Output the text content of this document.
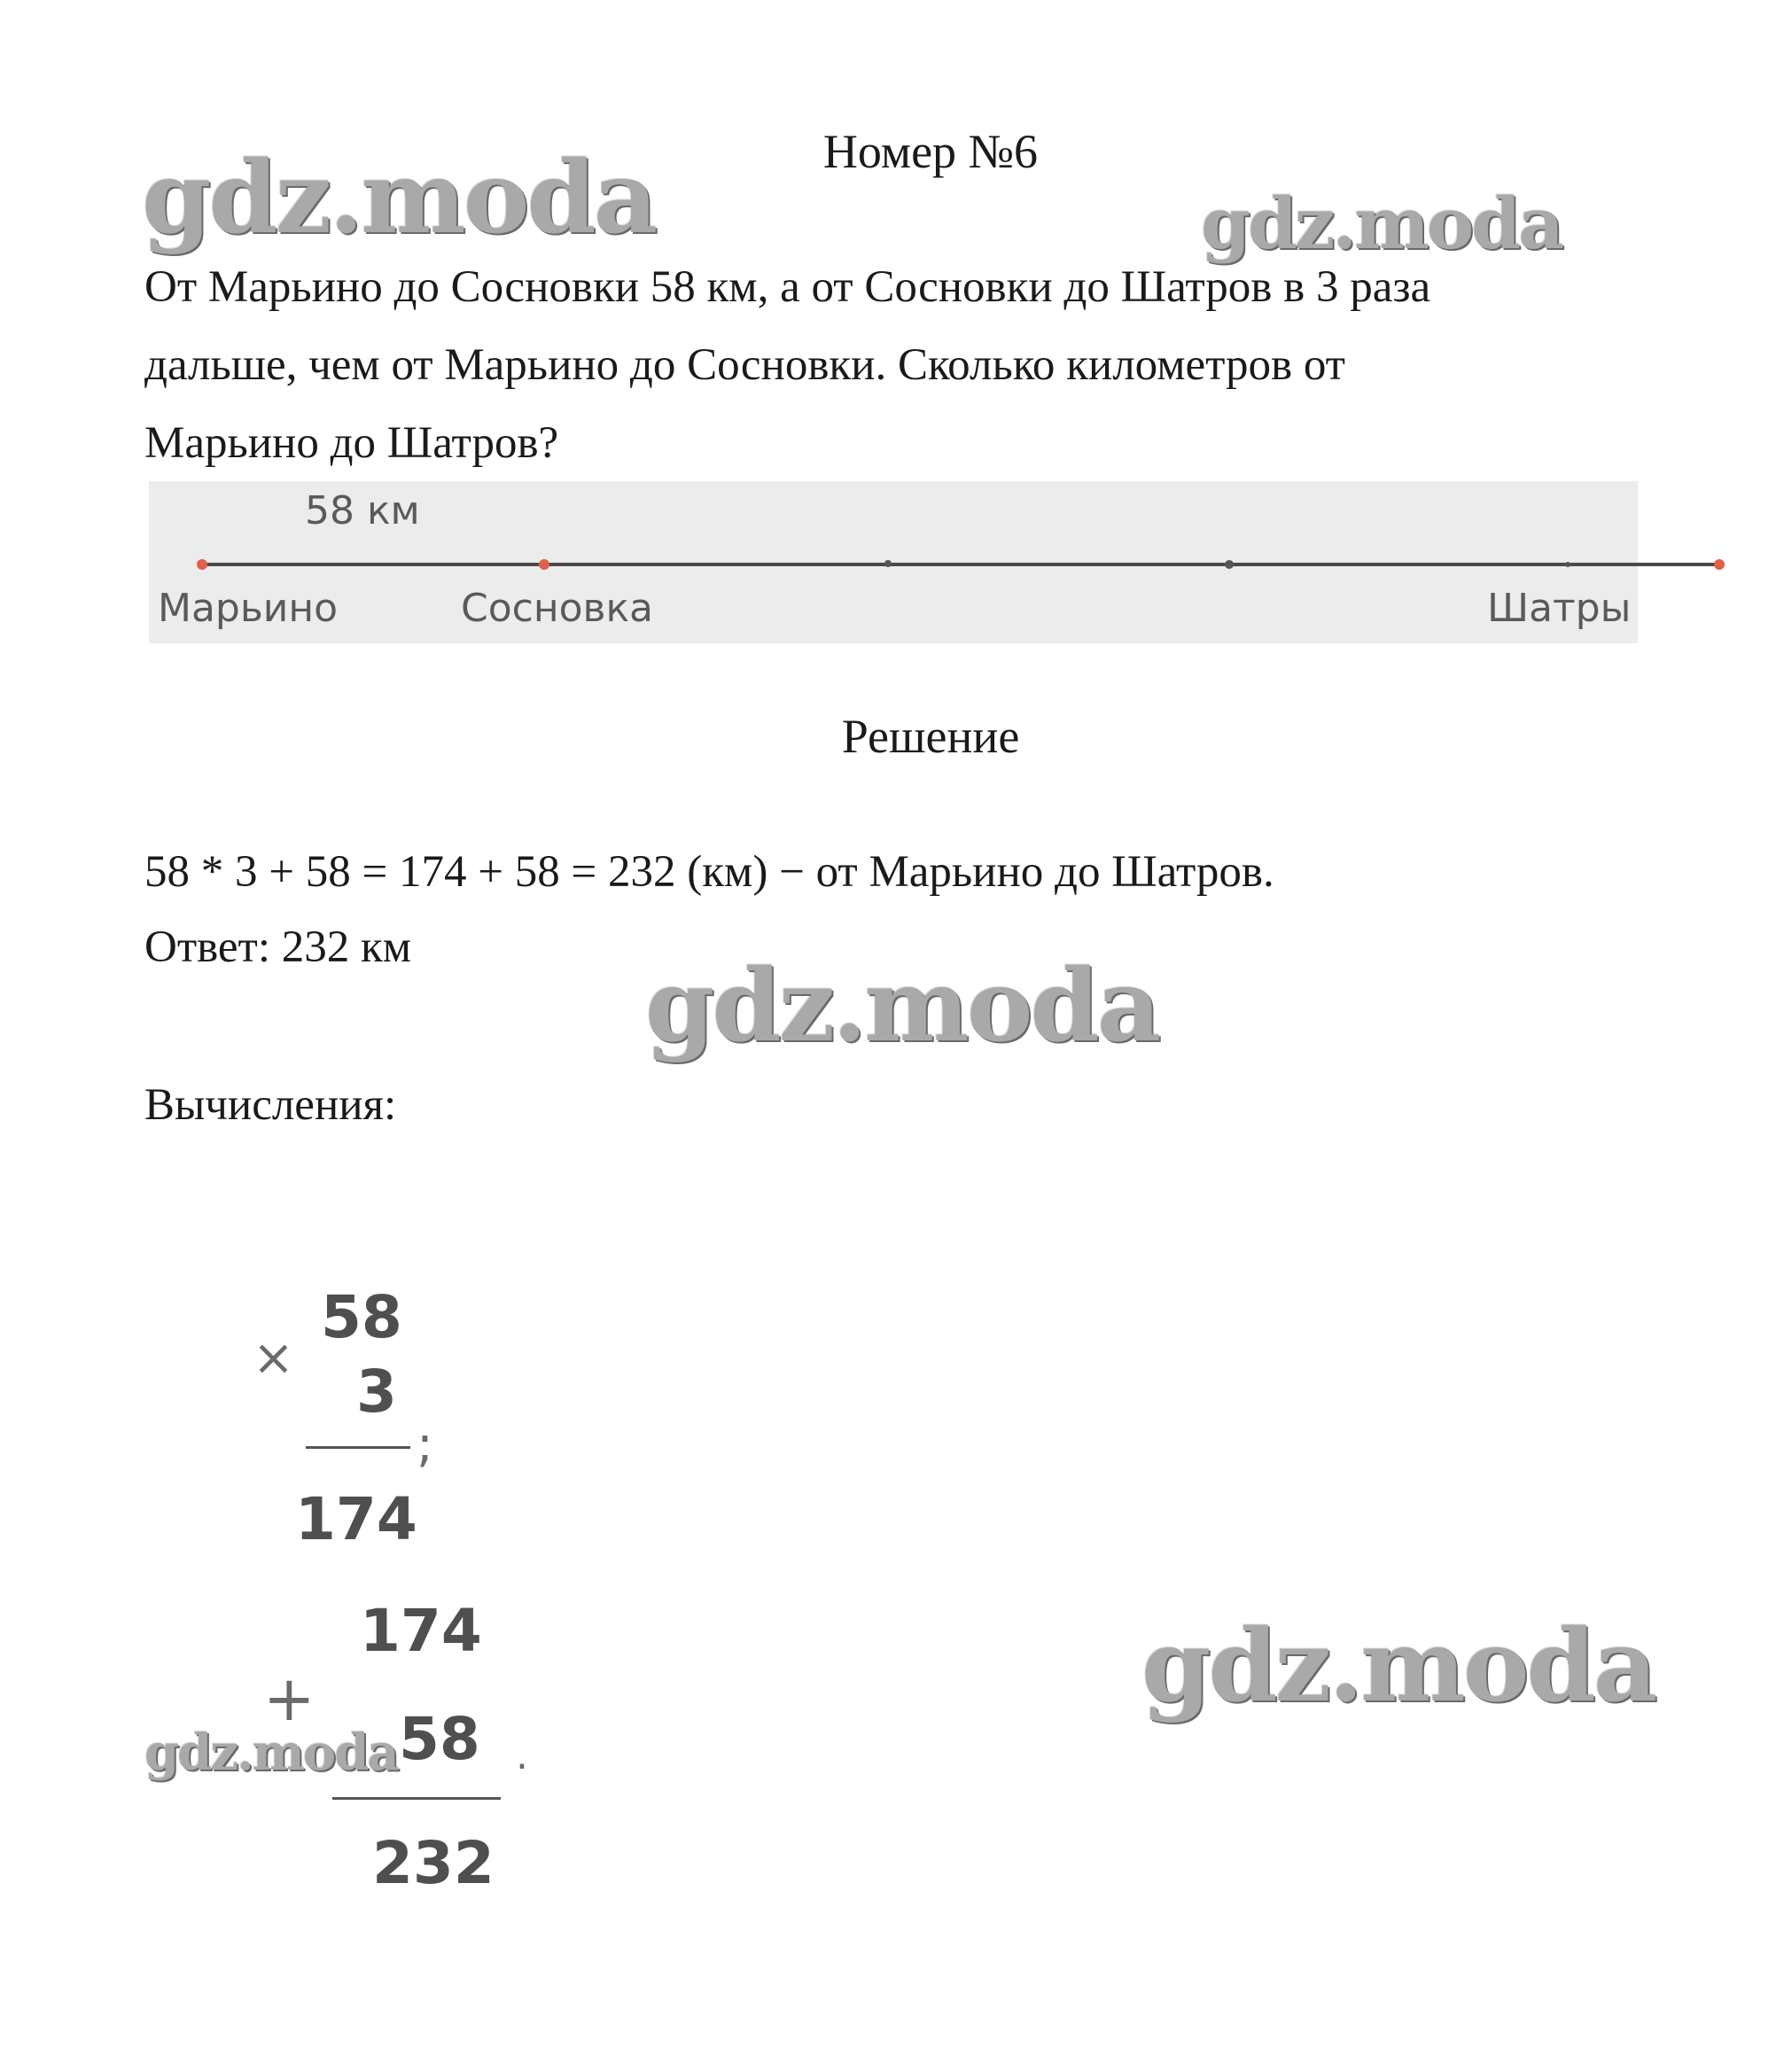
Номер №6
gdz.moda	gdz.moda
gdz.moda
gdz.moda
gdz.moda
От Марьино до Сосновки 58 км, а от Сосновки до Шатров в 3 раза
дальше, чем от Марьино до Сосновки. Сколько километров от
Марьино до Шатров?
58 км
Марьино	Сосновка	Шатры
Решение
58 * 3 + 58 = 174 + 58 = 232 (км) − от Марьино до Шатров.
Ответ: 232 км
Вычисления:
×
58
3
;
174
174
+
58 .
232
